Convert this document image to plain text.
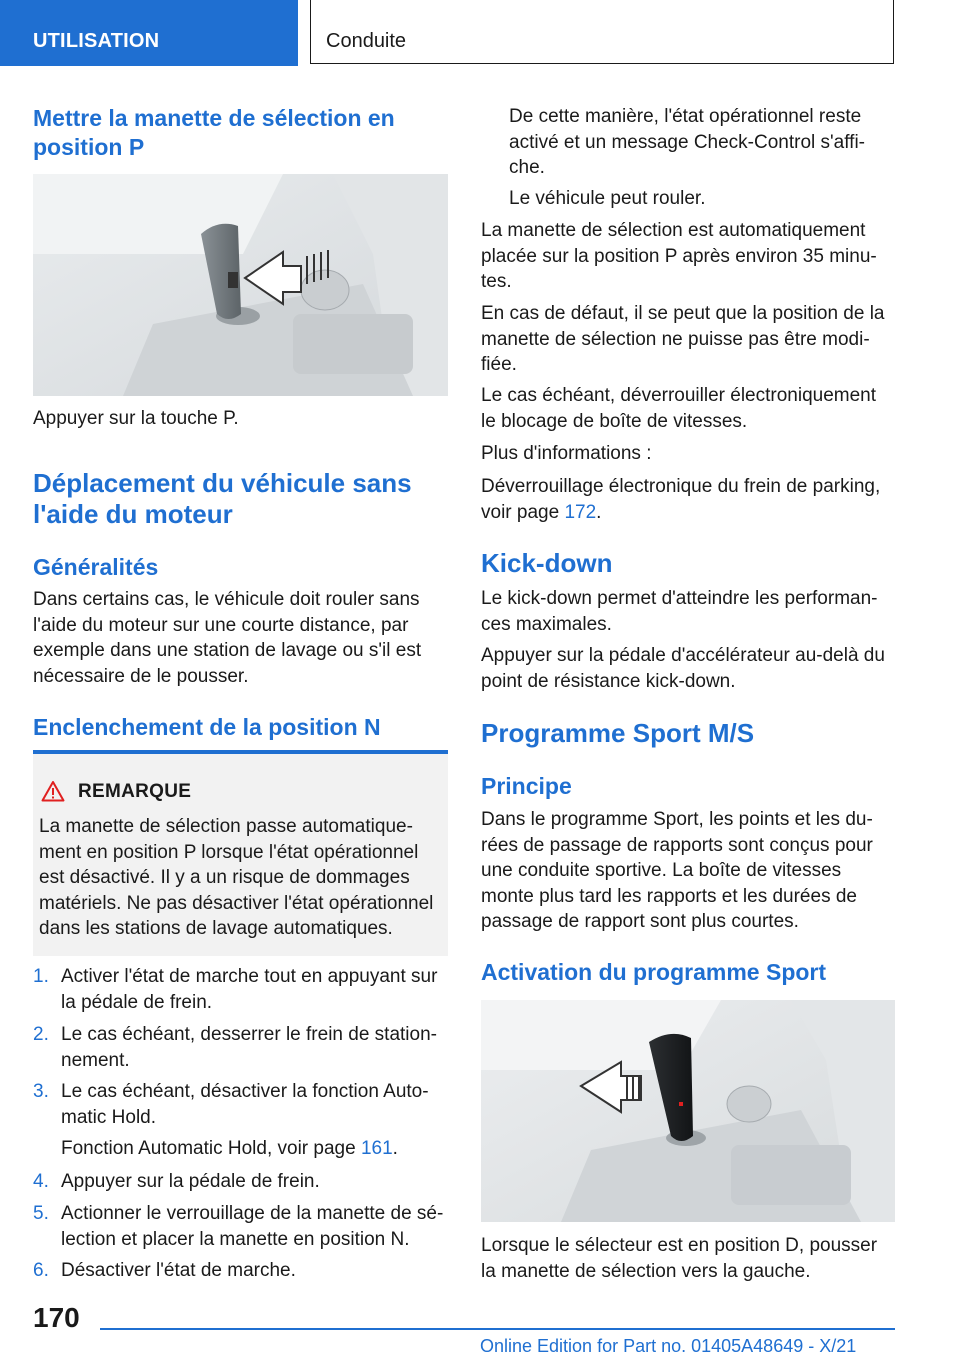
UTILISATION	Conduite
Mettre la manette de sélection en position P

Appuyer sur la touche P.

Déplacement du véhicule sans l'aide du moteur
Généralités

Dans certains cas, le véhicule doit rouler sans l'aide du moteur sur une courte distance, par exemple dans une station de lavage ou s'il est nécessaire de le pousser.

Enclenchement de la position N
REMARQUE
La manette de sélection passe automatiquement en position P lorsque l'état opérationnel est désactivé. Il y a un risque de dommages matériels. Ne pas désactiver l'état opérationnel dans les stations de lavage automatiques.
1. Activer l'état de marche tout en appuyant sur la pédale de frein.
2. Le cas échéant, desserrer le frein de stationnement.
3. Le cas échéant, désactiver la fonction Automatic Hold.
Fonction Automatic Hold, voir page 161.
4. Appuyer sur la pédale de frein.
5. Actionner le verrouillage de la manette de sélection et placer la manette en position N.
6. Désactiver l'état de marche.

De cette manière, l'état opérationnel reste activé et un message Check-Control s'affiche.

Le véhicule peut rouler.

La manette de sélection est automatiquement placée sur la position P après environ 35 minutes.

En cas de défaut, il se peut que la position de la manette de sélection ne puisse pas être modifiée.

Le cas échéant, déverrouiller électroniquement le blocage de boîte de vitesses.

Plus d'informations :

Déverrouillage électronique du frein de parking, voir page 172.

Kick-down

Le kick-down permet d'atteindre les performances maximales.

Appuyer sur la pédale d'accélérateur au-delà du point de résistance kick-down.

Programme Sport M/S
Principe

Dans le programme Sport, les points et les durées de passage de rapports sont conçus pour une conduite sportive. La boîte de vitesses monte plus tard les rapports et les durées de passage de rapport sont plus courtes.

Activation du programme Sport

Lorsque le sélecteur est en position D, pousser la manette de sélection vers la gauche.

170
Online Edition for Part no. 01405A48649 - X/21
